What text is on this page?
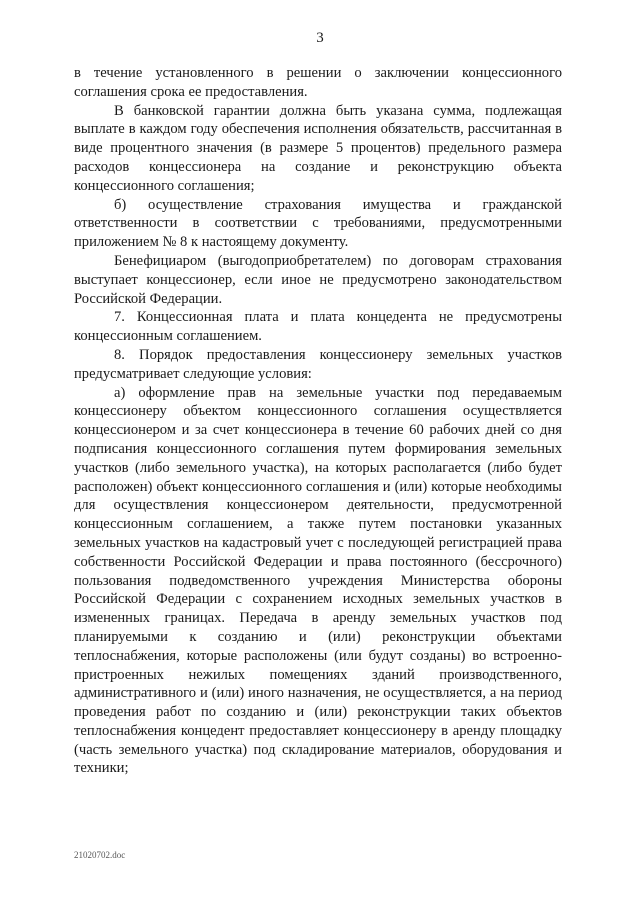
3

в течение установленного в решении о заключении концессионного соглашения срока ее предоставления.

В банковской гарантии должна быть указана сумма, подлежащая выплате в каждом году обеспечения исполнения обязательств, рассчитанная в виде процентного значения (в размере 5 процентов) предельного размера расходов концессионера на создание и реконструкцию объекта концессионного соглашения;

б) осуществление страхования имущества и гражданской ответственности в соответствии с требованиями, предусмотренными приложением № 8 к настоящему документу.

Бенефициаром (выгодоприобретателем) по договорам страхования выступает концессионер, если иное не предусмотрено законодательством Российской Федерации.

7. Концессионная плата и плата концедента не предусмотрены концессионным соглашением.

8. Порядок предоставления концессионеру земельных участков предусматривает следующие условия:

а) оформление прав на земельные участки под передаваемым концессионеру объектом концессионного соглашения осуществляется концессионером и за счет концессионера в течение 60 рабочих дней со дня подписания концессионного соглашения путем формирования земельных участков (либо земельного участка), на которых располагается (либо будет расположен) объект концессионного соглашения и (или) которые необходимы для осуществления концессионером деятельности, предусмотренной концессионным соглашением, а также путем постановки указанных земельных участков на кадастровый учет с последующей регистрацией права собственности Российской Федерации и права постоянного (бессрочного) пользования подведомственного учреждения Министерства обороны Российской Федерации с сохранением исходных земельных участков в измененных границах. Передача в аренду земельных участков под планируемыми к созданию и (или) реконструкции объектами теплоснабжения, которые расположены (или будут созданы) во встроенно-пристроенных нежилых помещениях зданий производственного, административного и (или) иного назначения, не осуществляется, а на период проведения работ по созданию и (или) реконструкции таких объектов теплоснабжения концедент предоставляет концессионеру в аренду площадку (часть земельного участка) под складирование материалов, оборудования и техники;

21020702.doc
